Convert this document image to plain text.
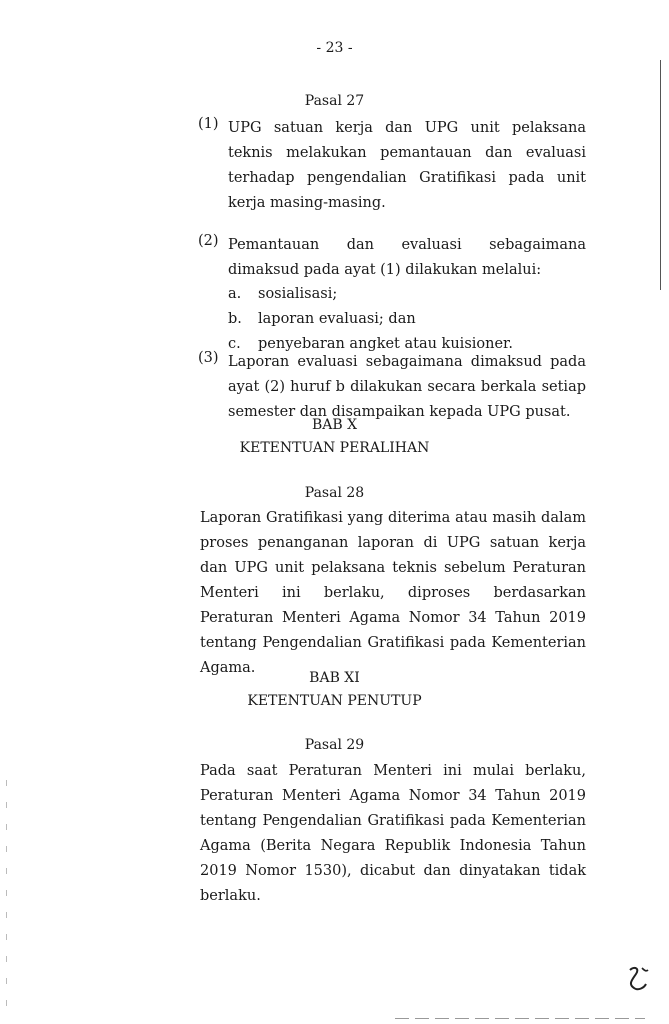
- 23 -
Pasal 27
(1) UPG satuan kerja dan UPG unit pelaksana teknis melakukan pemantauan dan evaluasi terhadap pengendalian Gratifikasi pada unit kerja masing-masing.
(2) Pemantauan dan evaluasi sebagaimana dimaksud pada ayat (1) dilakukan melalui:
a. sosialisasi;
b. laporan evaluasi; dan
c. penyebaran angket atau kuisioner.
(3) Laporan evaluasi sebagaimana dimaksud pada ayat (2) huruf b dilakukan secara berkala setiap semester dan disampaikan kepada UPG pusat.
BAB X
KETENTUAN PERALIHAN
Pasal 28

Laporan Gratifikasi yang diterima atau masih dalam proses penanganan laporan di UPG satuan kerja dan UPG unit pelaksana teknis sebelum Peraturan Menteri ini berlaku, diproses berdasarkan Peraturan Menteri Agama Nomor 34 Tahun 2019 tentang Pengendalian Gratifikasi pada Kementerian Agama.

BAB XI
KETENTUAN PENUTUP
Pasal 29

Pada saat Peraturan Menteri ini mulai berlaku, Peraturan Menteri Agama Nomor 34 Tahun 2019 tentang Pengendalian Gratifikasi pada Kementerian Agama (Berita Negara Republik Indonesia Tahun 2019 Nomor 1530), dicabut dan dinyatakan tidak berlaku.
